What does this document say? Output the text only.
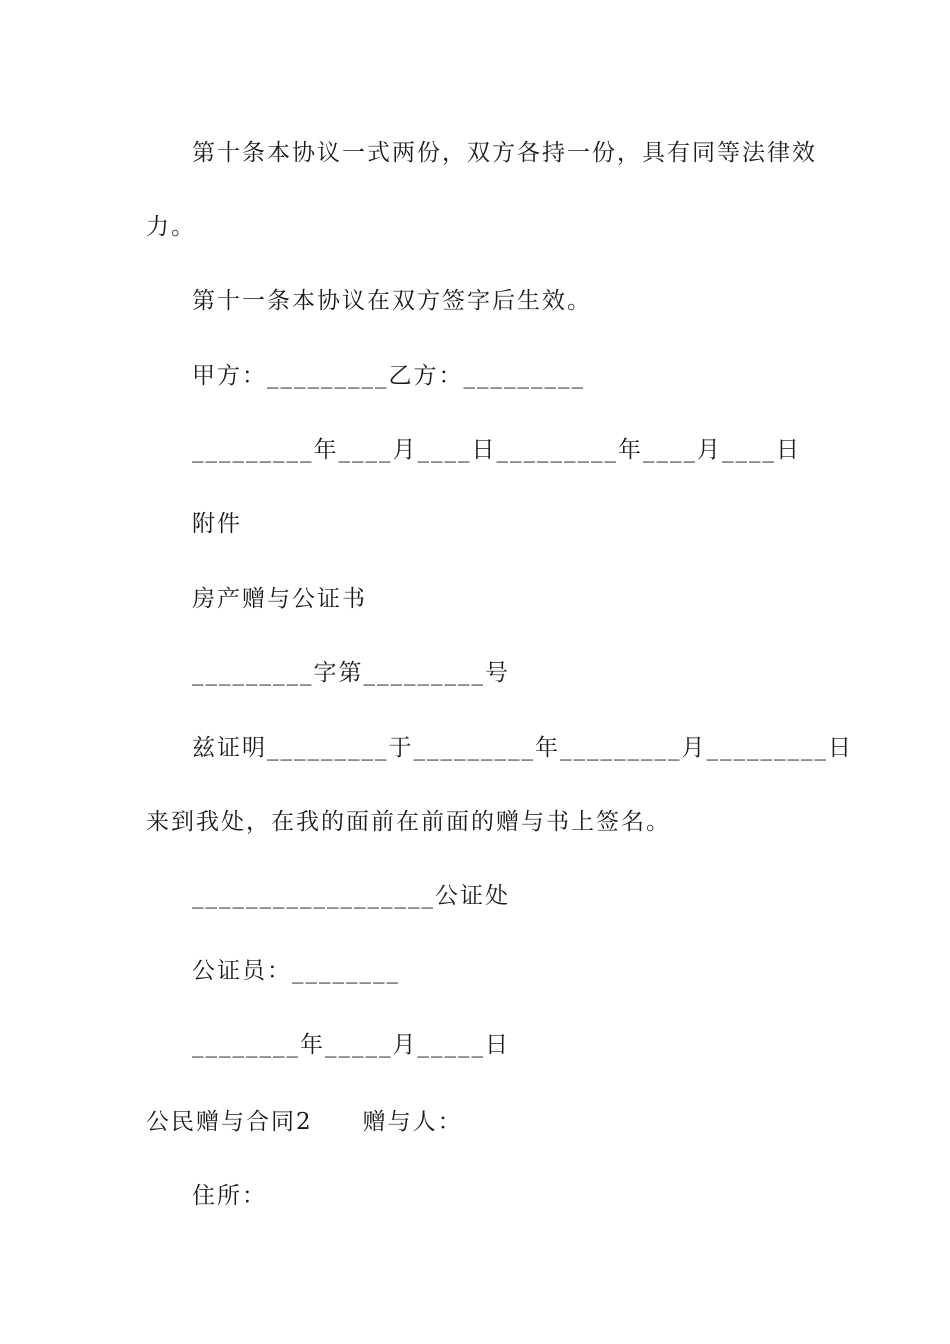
第十条本协议一式两份，双方各持一份，具有同等法律效
力。
第十一条本协议在双方签字后生效。
甲方：_________乙方：_________
_________年____月____日_________年____月____日
附件
房产赠与公证书
_________字第_________号
兹证明_________于_________年_________月_________日
来到我处，在我的面前在前面的赠与书上签名。
__________________公证处
公证员：________
________年_____月_____日
公民赠与合同2　　赠与人：
住所：
